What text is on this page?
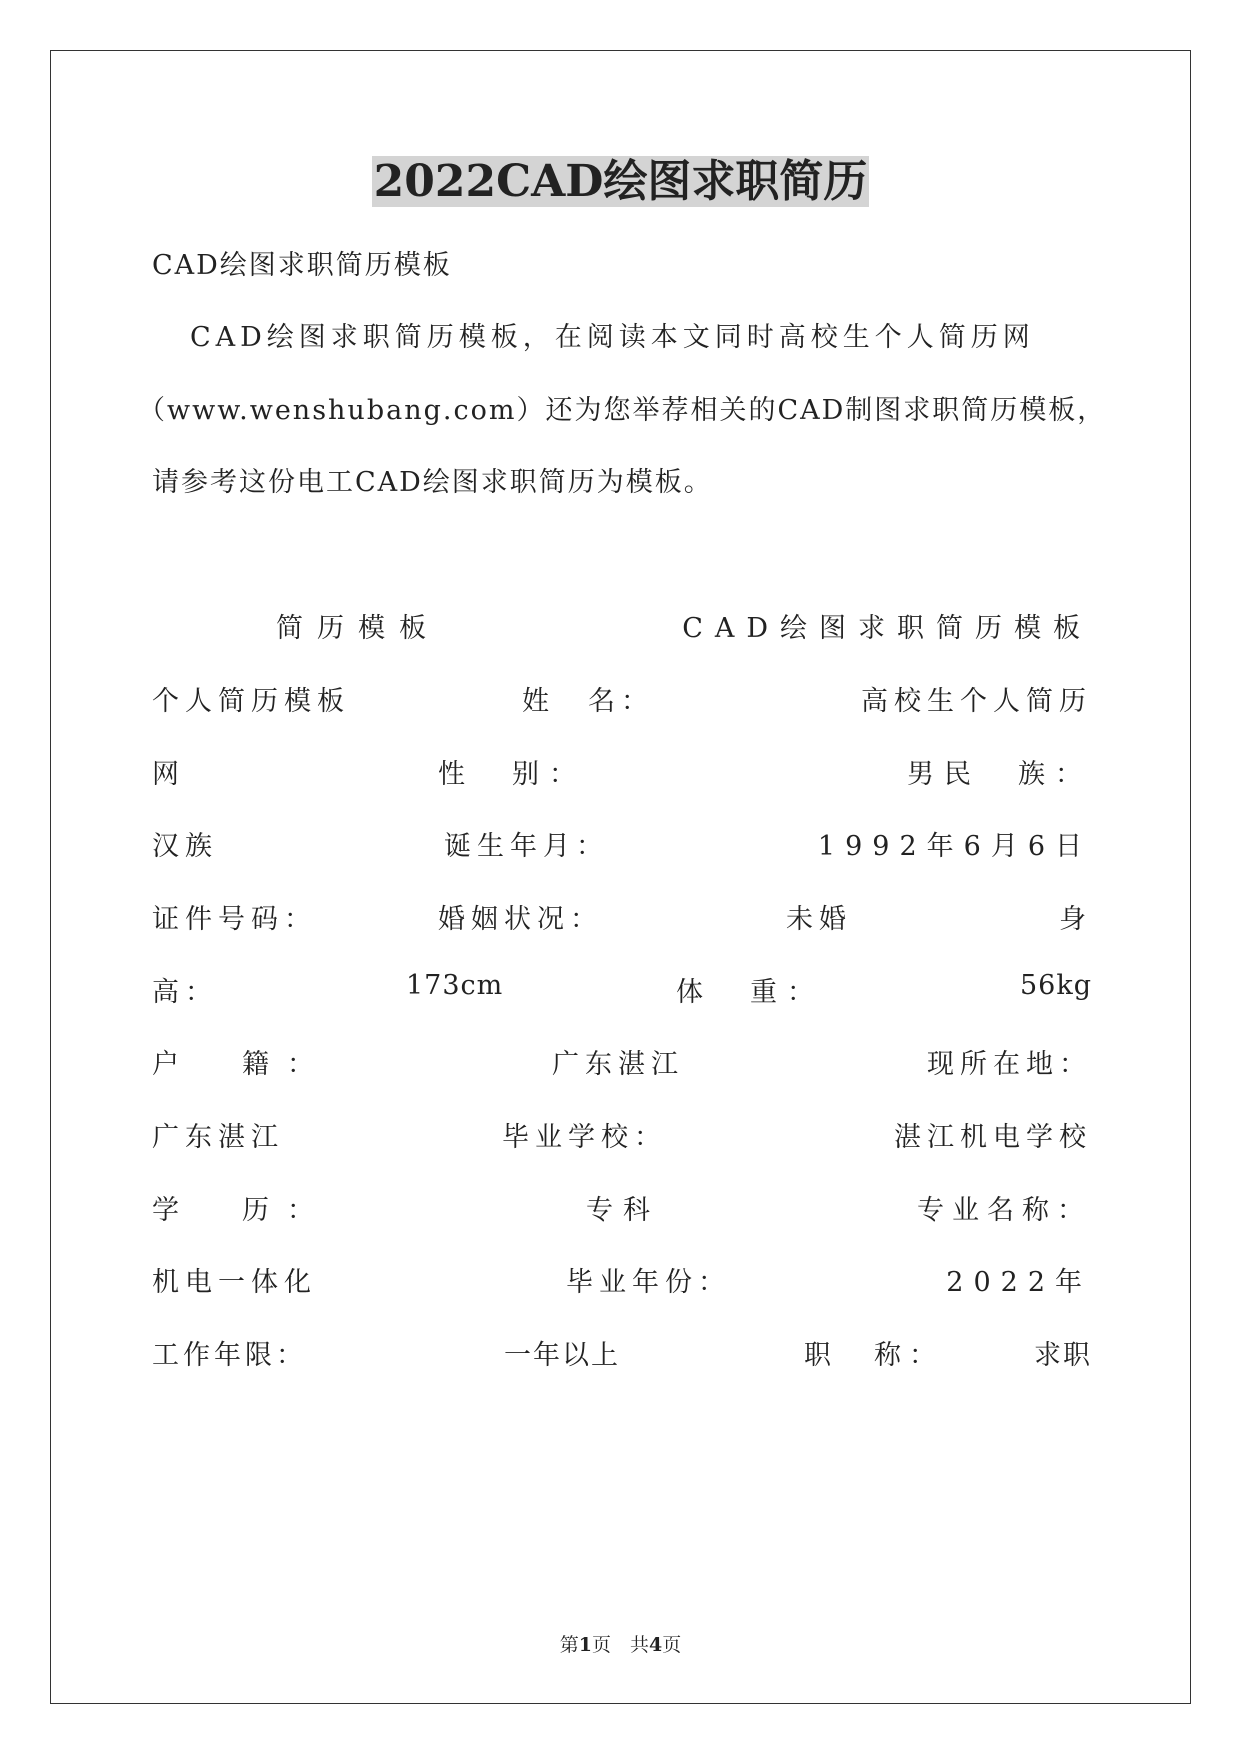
2022CAD绘图求职简历
CAD绘图求职简历模板
CAD绘图求职简历模板，在阅读本文同时高校生个人简历网
（www.wenshubang.com）还为您举荐相关的CAD制图求职简历模板，
请参考这份电工CAD绘图求职简历为模板。
简历模板	CAD绘图求职简历模板
个人简历模板	姓　名：	高校生个人简历
网	性　别：	男民　族：
汉族	诞生年月：	1992年6月6日
证件号码：	婚姻状况：	未婚	身
高：	173cm	体　重：	56kg
户　籍：	广东湛江	现所在地：
广东湛江	毕业学校：	湛江机电学校
学　历：	专科	专业名称：
机电一体化	毕业年份：	2022年
工作年限：	一年以上	职　称：	求职
第1页　共4页
